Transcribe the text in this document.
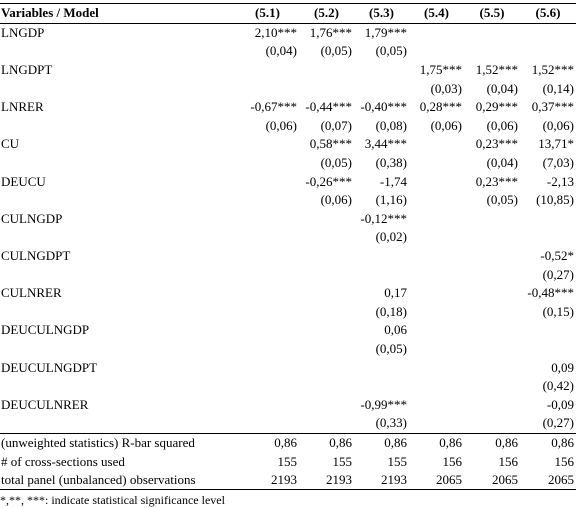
Variables / Model	(5.1)	(5.2)	(5.3)	(5.4)	(5.5)	(5.6)
LNGDP	2,10***	1,76***	1,79***			
	(0,04)	(0,05)	(0,05)			
LNGDPT				1,75***	1,52***	1,52***
				(0,03)	(0,04)	(0,14)
LNRER	-0,67***	-0,44***	-0,40***	0,28***	0,29***	0,37***
	(0,06)	(0,07)	(0,08)	(0,06)	(0,06)	(0,06)
CU		0,58***	3,44***		0,23***	13,71*
		(0,05)	(0,38)		(0,04)	(7,03)
DEUCU		-0,26***	-1,74		0,23***	-2,13
		(0,06)	(1,16)		(0,05)	(10,85)
CULNGDP			-0,12***			
			(0,02)			
CULNGDPT						-0,52*
						(0,27)
CULNRER			0,17			-0,48***
			(0,18)			(0,15)
DEUCULNGDP			0,06			
			(0,05)			
DEUCULNGDPT						0,09
						(0,42)
DEUCULNRER			-0,99***			-0,09
			(0,33)			(0,27)
(unweighted statistics) R-bar squared	0,86	0,86	0,86	0,86	0,86	0,86
# of cross-sections used	155	155	155	156	156	156
total panel (unbalanced) observations	2193	2193	2193	2065	2065	2065
*,**, ***: indicate statistical significance level
